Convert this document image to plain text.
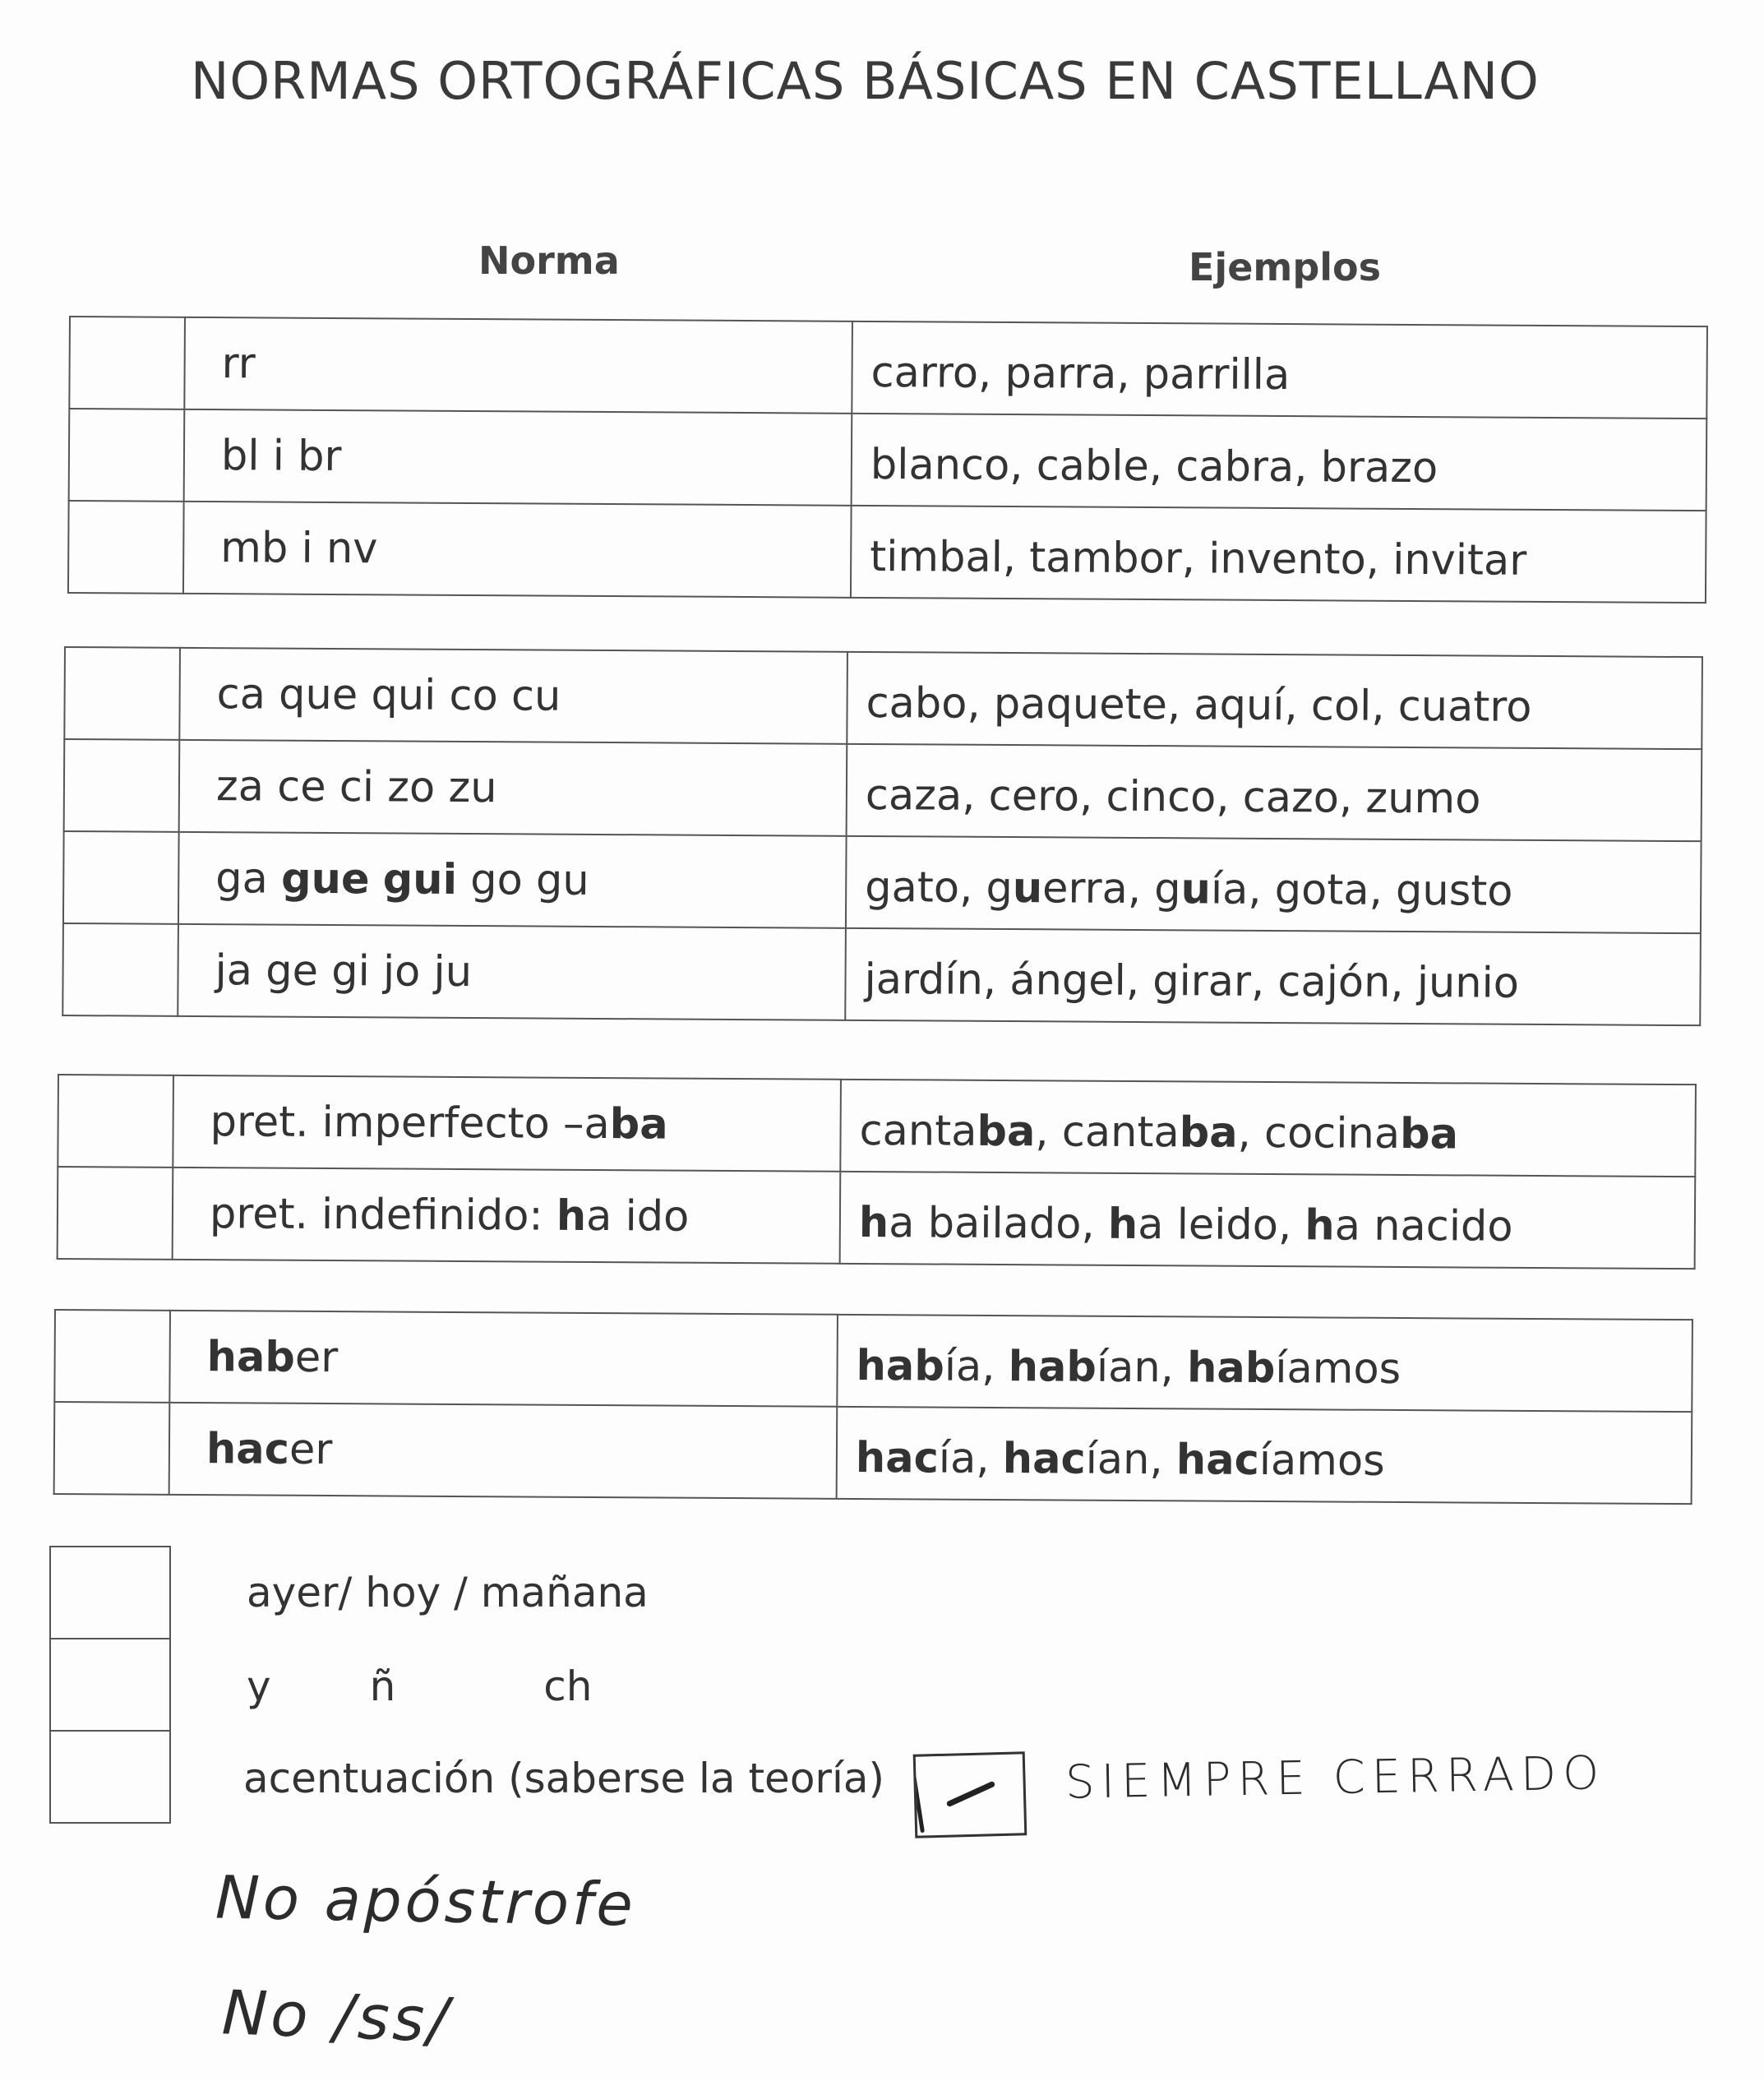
NORMAS ORTOGRÁFICAS BÁSICAS EN CASTELLANO
Norma	Ejemplos
	rr	carro, parra, parrilla
	bl i br	blanco, cable, cabra, brazo
	mb i nv	timbal, tambor, invento, invitar
	ca que qui co cu	cabo, paquete, aquí, col, cuatro
	za ce ci zo zu	caza, cero, cinco, cazo, zumo
	ga gue gui go gu	gato, guerra, guía, gota, gusto
	ja ge gi jo ju	jardín, ángel, girar, cajón, junio
	pret. imperfecto –aba	cantaba, cantaba, cocinaba
	pret. indefinido: ha ido	ha bailado, ha leido, ha nacido
	haber	había, habían, habíamos
	hacer	hacía, hacían, hacíamos

ayer/ hoy / mañana
y ñ	ch
acentuación (saberse la teoría)	SIEMPRE CERRADO
No apóstrofe
No /ss/
